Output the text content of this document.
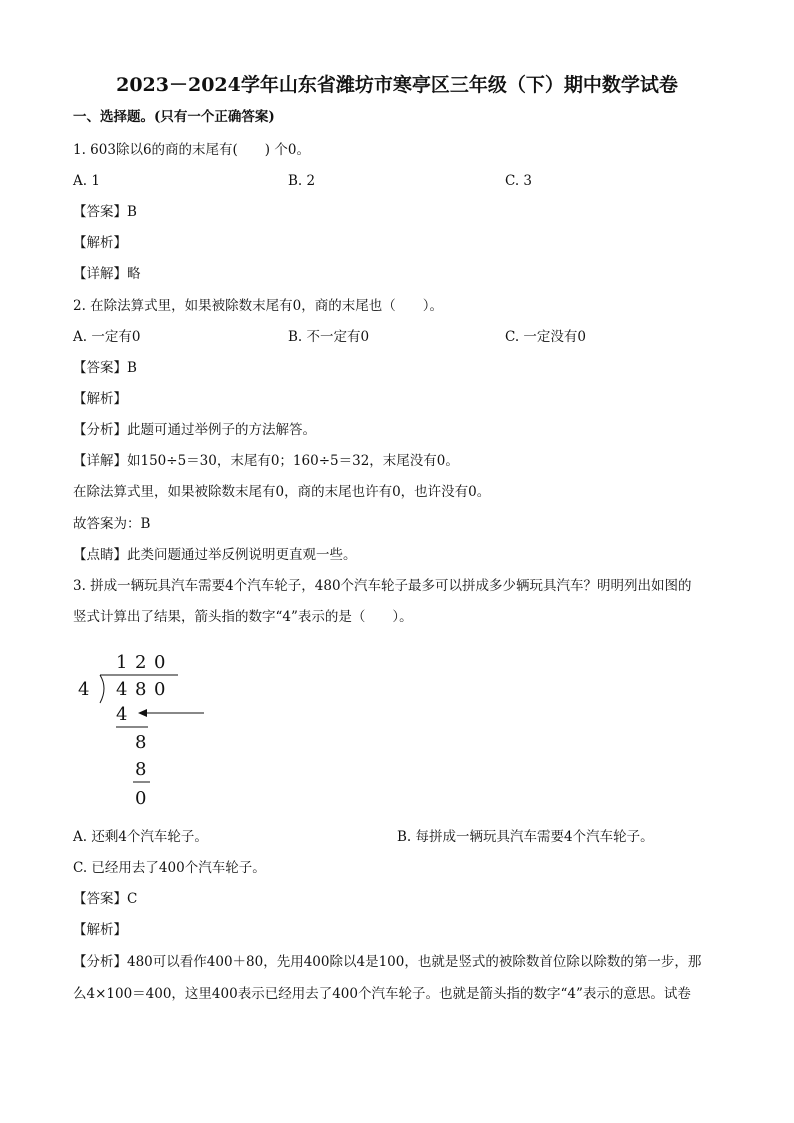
2023－2024学年山东省潍坊市寒亭区三年级（下）期中数学试卷
一、选择题。(只有一个正确答案)
1. 603除以6的商的末尾有(　　) 个0。
A. 1	B. 2	C. 3
【答案】B
【解析】
【详解】略
2. 在除法算式里，如果被除数末尾有0，商的末尾也（　　）。
A. 一定有0	B. 不一定有0	C. 一定没有0
【答案】B
【解析】
【分析】此题可通过举例子的方法解答。
【详解】如150÷5＝30，末尾有0；160÷5＝32，末尾没有0。
在除法算式里，如果被除数末尾有0，商的末尾也许有0，也许没有0。
故答案为：B
【点睛】此类问题通过举反例说明更直观一些。
3. 拼成一辆玩具汽车需要4个汽车轮子，480个汽车轮子最多可以拼成多少辆玩具汽车？明明列出如图的
竖式计算出了结果，箭头指的数字“4”表示的是（　　）。
1 2 0
4 4 8 0
4
8
8
0
A. 还剩4个汽车轮子。	B. 每拼成一辆玩具汽车需要4个汽车轮子。
C. 已经用去了400个汽车轮子。
【答案】C
【解析】
【分析】480可以看作400＋80，先用400除以4是100，也就是竖式的被除数首位除以除数的第一步，那
么4×100＝400，这里400表示已经用去了400个汽车轮子。也就是箭头指的数字“4”表示的意思。试卷
